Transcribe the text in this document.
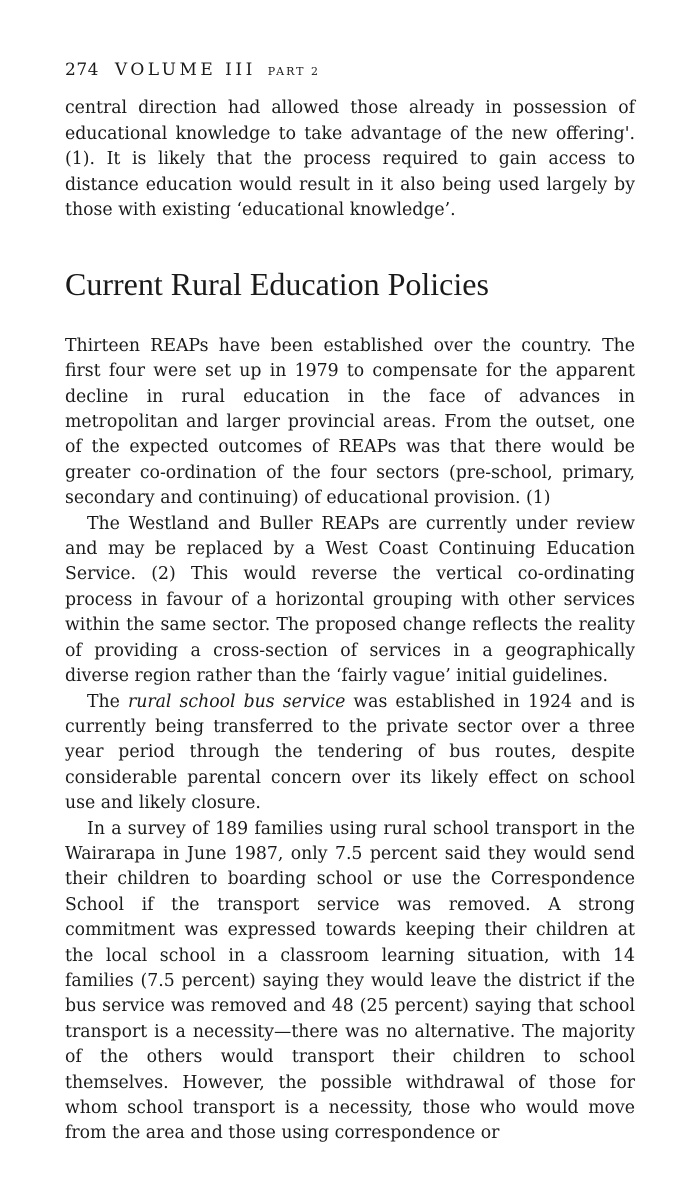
274 VOLUME III PART 2

central direction had allowed those already in possession of educational knowledge to take advantage of the new offering'. (1). It is likely that the process required to gain access to distance education would result in it also being used largely by those with existing ‘educational knowledge’.

Current Rural Education Policies

Thirteen REAPs have been established over the country. The first four were set up in 1979 to compensate for the apparent decline in rural education in the face of advances in metropolitan and larger provincial areas. From the outset, one of the expected outcomes of REAPs was that there would be greater co-ordination of the four sectors (pre-school, primary, secondary and continuing) of educational provision. (1)

The Westland and Buller REAPs are currently under review and may be replaced by a West Coast Continuing Education Service. (2) This would reverse the vertical co-ordinating process in favour of a horizontal grouping with other services within the same sector. The proposed change reflects the reality of providing a cross-section of services in a geographically diverse region rather than the ‘fairly vague’ initial guidelines.

The rural school bus service was established in 1924 and is currently being transferred to the private sector over a three year period through the tendering of bus routes, despite considerable parental concern over its likely effect on school use and likely closure.

In a survey of 189 families using rural school transport in the Wairarapa in June 1987, only 7.5 percent said they would send their children to boarding school or use the Correspondence School if the transport service was removed. A strong commitment was expressed towards keeping their children at the local school in a classroom learning situation, with 14 families (7.5 percent) saying they would leave the district if the bus service was removed and 48 (25 percent) saying that school transport is a necessity—there was no alternative. The majority of the others would transport their children to school themselves. However, the possible withdrawal of those for whom school transport is a necessity, those who would move from the area and those using correspondence or
